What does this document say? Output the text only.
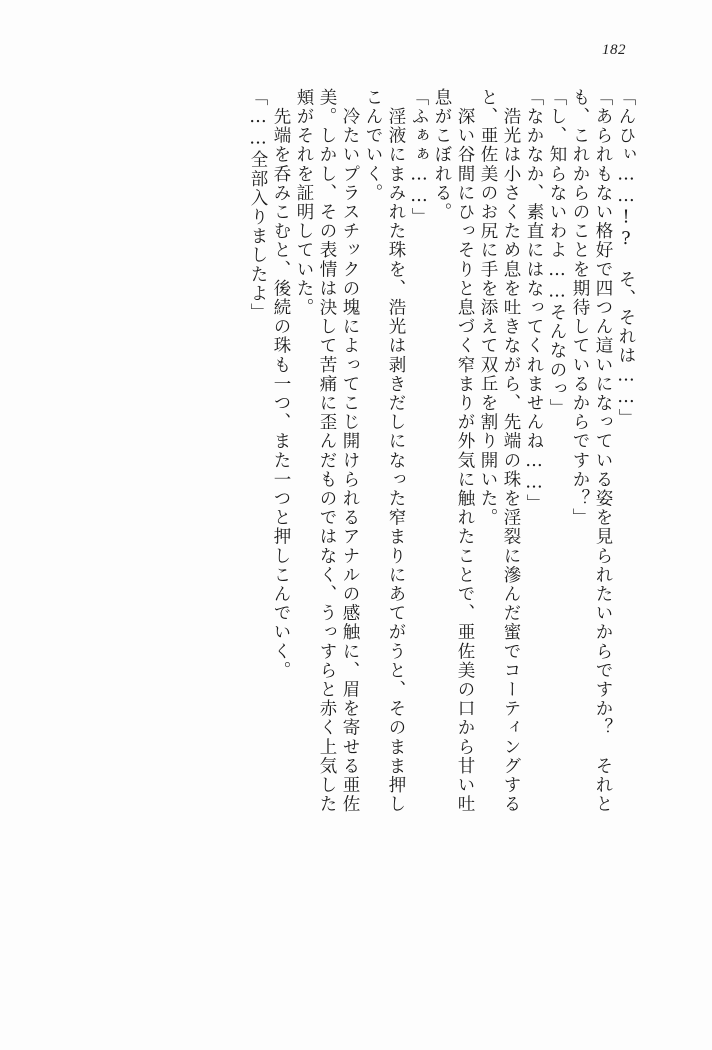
182
「んひぃ……!?　そ、それは……」
「あられもない格好で四つん這いになっている姿を見られたいからですか？　それと
も、これからのことを期待しているからですか？」
「し、知らないわよ……そんなのっ」
「なかなか、素直にはなってくれませんね……」
　浩光は小さくため息を吐きながら、先端の珠を淫裂に滲んだ蜜でコーティングする
と、亜佐美のお尻に手を添えて双丘を割り開いた。
　深い谷間にひっそりと息づく窄まりが外気に触れたことで、亜佐美の口から甘い吐
息がこぼれる。
「ふぁぁ……」
　淫液にまみれた珠を、浩光は剥きだしになった窄まりにあてがうと、そのまま押し
こんでいく。
　冷たいプラスチックの塊によってこじ開けられるアナルの感触に、眉を寄せる亜佐
美。しかし、その表情は決して苦痛に歪んだものではなく、うっすらと赤く上気した
頬がそれを証明していた。
　先端を呑みこむと、後続の珠も一つ、また一つと押しこんでいく。
「……全部入りましたよ」
